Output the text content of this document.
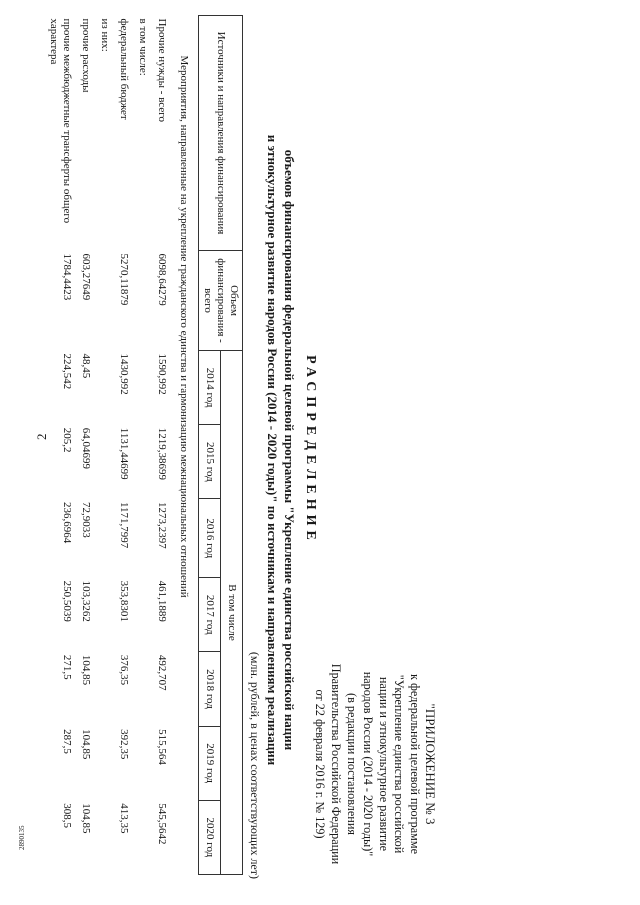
2
2890135
"ПРИЛОЖЕНИЕ № 3
к федеральной целевой программе
"Укрепление единства российской
нации и этнокультурное развитие
народов России (2014 - 2020 годы)"
(в редакции постановления
Правительства Российской Федерации
от 22 февраля 2016 г. № 129)
РАСПРЕДЕЛЕНИЕ
объемов финансирования федеральной целевой программы "Укрепление единства российской нации
и этнокультурное развитие народов России (2014 - 2020 годы)" по источникам и направлениям реализации
(млн. рублей, в ценах соответствующих лет)
Источники и направления финансирования	Объем финансирования - всего	В том числе						
		2014 год	2015 год	2016 год	2017 год	2018 год	2019 год	2020 год
Мероприятия, направленные на укрепление гражданского единства и гармонизацию межнациональных отношений								
Прочие нужды - всего	6098,64279	1590,992	1219,38699	1273,2397	461,1889	492,707	515,564	545,5642
в том числе:								
федеральный бюджет	5270,11879	1430,992	1131,44699	1171,7997	353,8301	376,35	392,35	413,35
из них:								
прочие расходы	603,27649	48,45	64,04699	72,9033	103,3262	104,85	104,85	104,85
прочие межбюджетные трансферты общего характера	1784,4423	224,542	205,2	236,6964	250,5039	271,5	287,5	308,5
